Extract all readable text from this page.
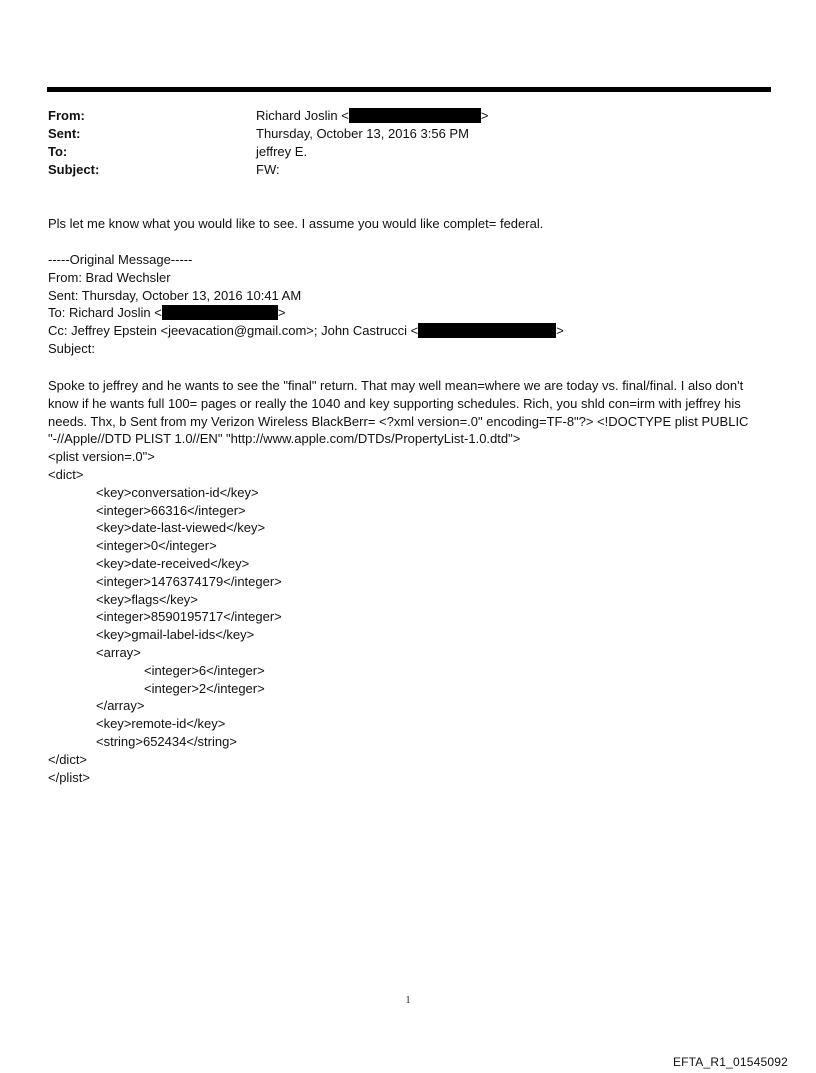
From:	Richard Joslin <	>
Sent:	Thursday, October 13, 2016 3:56 PM
To:	jeffrey E.
Subject:	FW:
Pls let me know what you would like to see. I assume you would like complet= federal.
-----Original Message-----
From: Brad Wechsler
Sent: Thursday, October 13, 2016 10:41 AM
To: Richard Joslin <	>
Cc: Jeffrey Epstein <jeevacation@gmail.com>; John Castrucci <	>
Subject:
Spoke to jeffrey and he wants to see the "final" return. That may well mean=where we are today vs. final/final. I also don't know if he wants full 100= pages or really the 1040 and key supporting schedules. Rich, you shld con=irm with jeffrey his needs. Thx, b Sent from my Verizon Wireless BlackBerr= <?xml version=.0" encoding=TF-8"?> <!DOCTYPE plist PUBLIC "-//Apple//DTD PLIST 1.0//EN" "http://www.apple.com/DTDs/PropertyList-1.0.dtd">
<plist version=.0">
<dict>
<key>conversation-id</key>
<integer>66316</integer>
<key>date-last-viewed</key>
<integer>0</integer>
<key>date-received</key>
<integer>1476374179</integer>
<key>flags</key>
<integer>8590195717</integer>
<key>gmail-label-ids</key>
<array>
<integer>6</integer>
<integer>2</integer>
</array>
<key>remote-id</key>
<string>652434</string>
</dict>
</plist>
1
EFTA_R1_01545092
